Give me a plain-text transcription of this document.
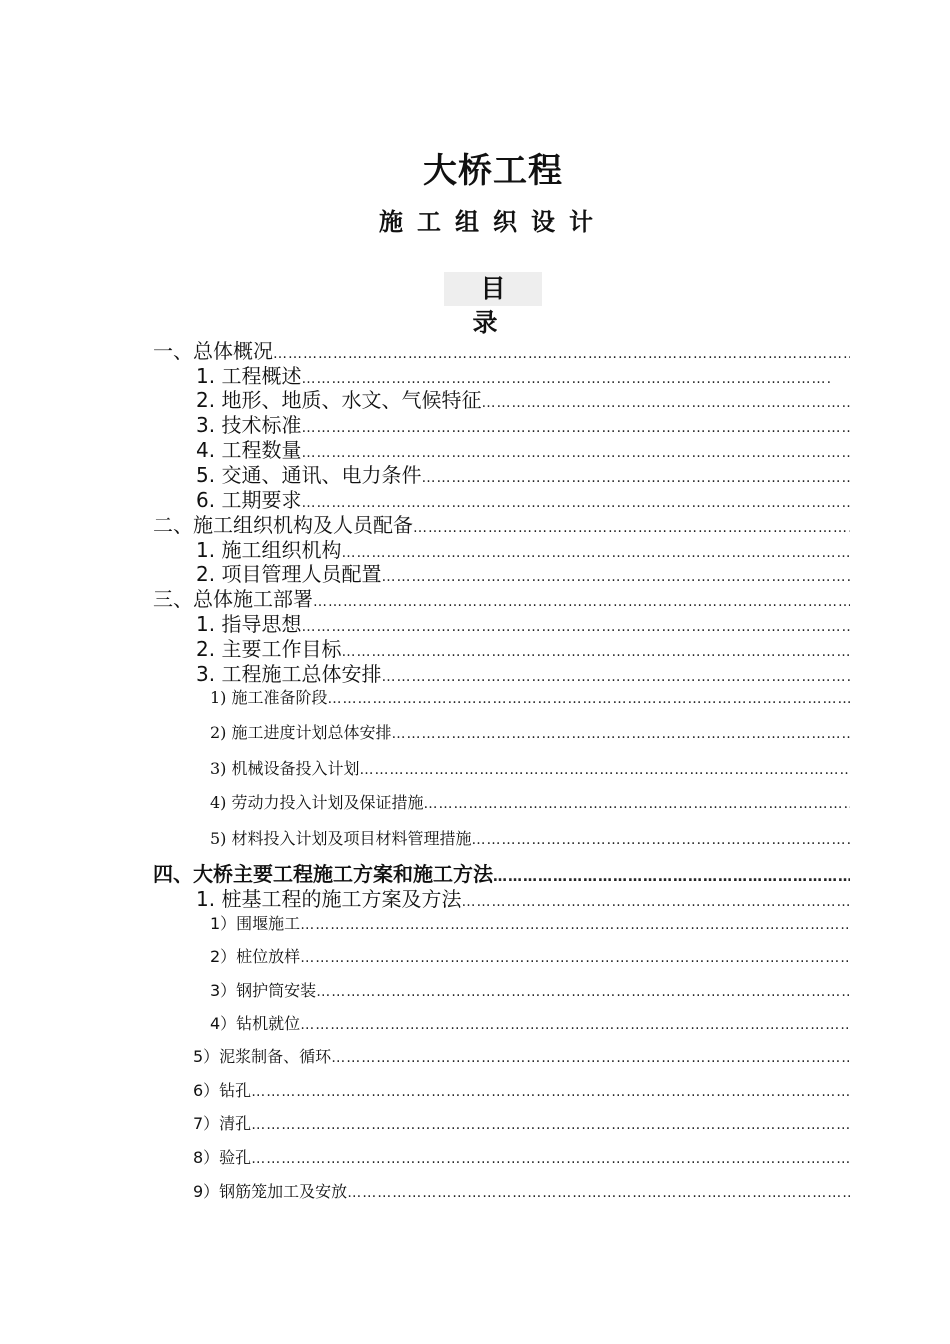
大桥工程
施工组织设计
目 录
一、总体概况
…………………………………………………………………………………………………………………………………………………………………………………
1. 工程概述
…………………………………………………………………………………………………………………………………………………………………………………
2. 地形、地质、水文、气候特征
…………………………………………………………………………………………………………………………………………………………………………………
3. 技术标准
…………………………………………………………………………………………………………………………………………………………………………………
4. 工程数量
…………………………………………………………………………………………………………………………………………………………………………………
5. 交通、通讯、电力条件
…………………………………………………………………………………………………………………………………………………………………………………
6. 工期要求
…………………………………………………………………………………………………………………………………………………………………………………
二、施工组织机构及人员配备
…………………………………………………………………………………………………………………………………………………………………………………
1. 施工组织机构
…………………………………………………………………………………………………………………………………………………………………………………
2. 项目管理人员配置
…………………………………………………………………………………………………………………………………………………………………………………
三、总体施工部署
…………………………………………………………………………………………………………………………………………………………………………………
1. 指导思想
…………………………………………………………………………………………………………………………………………………………………………………
2. 主要工作目标
…………………………………………………………………………………………………………………………………………………………………………………
3. 工程施工总体安排
…………………………………………………………………………………………………………………………………………………………………………………
1) 施工准备阶段
…………………………………………………………………………………………………………………………………………………………………………………
2) 施工进度计划总体安排
…………………………………………………………………………………………………………………………………………………………………………………
3) 机械设备投入计划
…………………………………………………………………………………………………………………………………………………………………………………
4) 劳动力投入计划及保证措施
…………………………………………………………………………………………………………………………………………………………………………………
5) 材料投入计划及项目材料管理措施
…………………………………………………………………………………………………………………………………………………………………………………
四、大桥主要工程施工方案和施工方法
…………………………………………………………………………………………………………………………………………………………………………………
1. 桩基工程的施工方案及方法
…………………………………………………………………………………………………………………………………………………………………………………
1）围堰施工
…………………………………………………………………………………………………………………………………………………………………………………
2）桩位放样
…………………………………………………………………………………………………………………………………………………………………………………
3）钢护筒安装
…………………………………………………………………………………………………………………………………………………………………………………
4）钻机就位
…………………………………………………………………………………………………………………………………………………………………………………
5）泥浆制备、循环
…………………………………………………………………………………………………………………………………………………………………………………
6）钻孔
…………………………………………………………………………………………………………………………………………………………………………………
7）清孔
…………………………………………………………………………………………………………………………………………………………………………………
8）验孔
…………………………………………………………………………………………………………………………………………………………………………………
9）钢筋笼加工及安放
…………………………………………………………………………………………………………………………………………………………………………………
